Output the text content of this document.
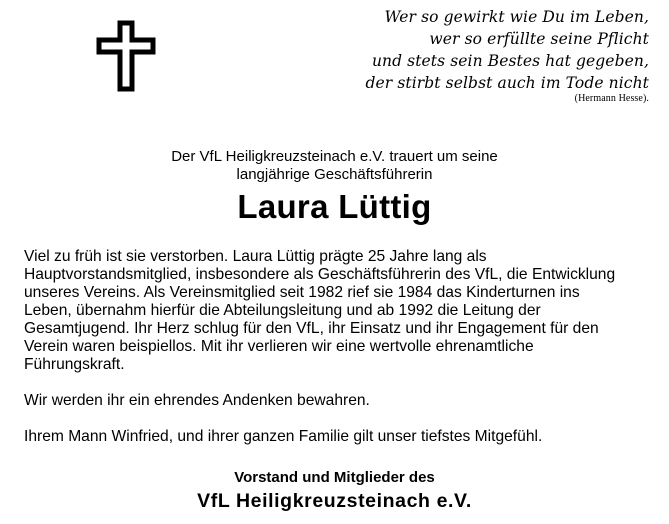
Wer so gewirkt wie Du im Leben,
wer so erfüllte seine Pflicht
und stets sein Bestes hat gegeben,
der stirbt selbst auch im Tode nicht
(Hermann Hesse).
Der VfL Heiligkreuzsteinach e.V. trauert um seine
langjährige Geschäftsführerin
Laura Lüttig

Viel zu früh ist sie verstorben. Laura Lüttig prägte 25 Jahre lang als
Hauptvorstandsmitglied, insbesondere als Geschäftsführerin des VfL, die Entwicklung
unseres Vereins. Als Vereinsmitglied seit 1982 rief sie 1984 das Kinderturnen ins
Leben, übernahm hierfür die Abteilungsleitung und ab 1992 die Leitung der
Gesamtjugend. Ihr Herz schlug für den VfL, ihr Einsatz und ihr Engagement für den
Verein waren beispiellos. Mit ihr verlieren wir eine wertvolle ehrenamtliche
Führungskraft.

Wir werden ihr ein ehrendes Andenken bewahren.

Ihrem Mann Winfried, und ihrer ganzen Familie gilt unser tiefstes Mitgefühl.

Vorstand und Mitglieder des
VfL Heiligkreuzsteinach e.V.
